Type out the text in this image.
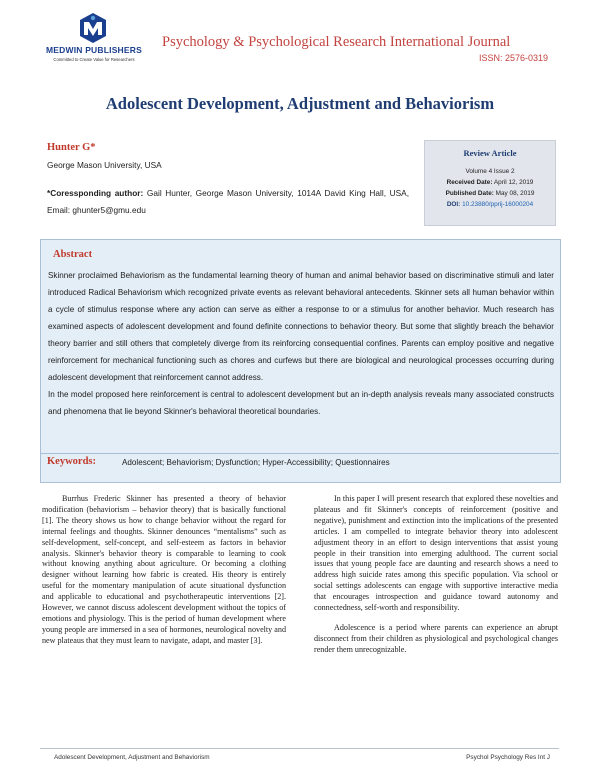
MEDWIN PUBLISHERS
Committed to Create Value for Researchers
Psychology & Psychological Research International Journal
ISSN: 2576-0319
Adolescent Development, Adjustment and Behaviorism
Hunter G*
George Mason University, USA
*Coressponding author: Gail Hunter, George Mason University, 1014A David King Hall, USA, Email: ghunter5@gmu.edu
Review Article
Volume 4 Issue 2
Received Date: April 12, 2019
Published Date: May 08, 2019
DOI: 10.23880/pprij-16000204
Abstract

Skinner proclaimed Behaviorism as the fundamental learning theory of human and animal behavior based on discriminative stimuli and later introduced Radical Behaviorism which recognized private events as relevant behavioral antecedents. Skinner sets all human behavior within a cycle of stimulus response where any action can serve as either a response to or a stimulus for another behavior. Much research has examined aspects of adolescent development and found definite connections to behavior theory. But some that slightly breach the behavior theory barrier and still others that completely diverge from its reinforcing consequential confines. Parents can employ positive and negative reinforcement for mechanical functioning such as chores and curfews but there are biological and neurological processes occurring during adolescent development that reinforcement cannot address.

In the model proposed here reinforcement is central to adolescent development but an in-depth analysis reveals many associated constructs and phenomena that lie beyond Skinner's behavioral theoretical boundaries.

Keywords:	Adolescent; Behaviorism; Dysfunction; Hyper-Accessibility; Questionnaires

Burrhus Frederic Skinner has presented a theory of behavior modification (behaviorism – behavior theory) that is basically functional [1]. The theory shows us how to change behavior without the regard for internal feelings and thoughts. Skinner denounces “mentalisms” such as self-development, self-concept, and self-esteem as factors in behavior analysis. Skinner's behavior theory is comparable to learning to cook without knowing anything about agriculture. Or becoming a clothing designer without learning how fabric is created. His theory is entirely useful for the momentary manipulation of acute situational dysfunction and applicable to educational and psychotherapeutic interventions [2]. However, we cannot discuss adolescent development without the topics of emotions and physiology. This is the period of human development where young people are immersed in a sea of hormones, neurological novelty and new plateaus that they must learn to navigate, adapt, and master [3].

In this paper I will present research that explored these novelties and plateaus and fit Skinner's concepts of reinforcement (positive and negative), punishment and extinction into the implications of the presented articles. I am compelled to integrate behavior theory into adolescent adjustment theory in an effort to design interventions that assist young people in their transition into emerging adulthood. The current social issues that young people face are daunting and research shows a need to address high suicide rates among this specific population. Via school or social settings adolescents can engage with supportive interactive media that encourages introspection and guidance toward autonomy and connectedness, self-worth and responsibility.

Adolescence is a period where parents can experience an abrupt disconnect from their children as physiological and psychological changes render them unrecognizable.

Adolescent Development, Adjustment and Behaviorism	Psychol Psychology Res Int J
